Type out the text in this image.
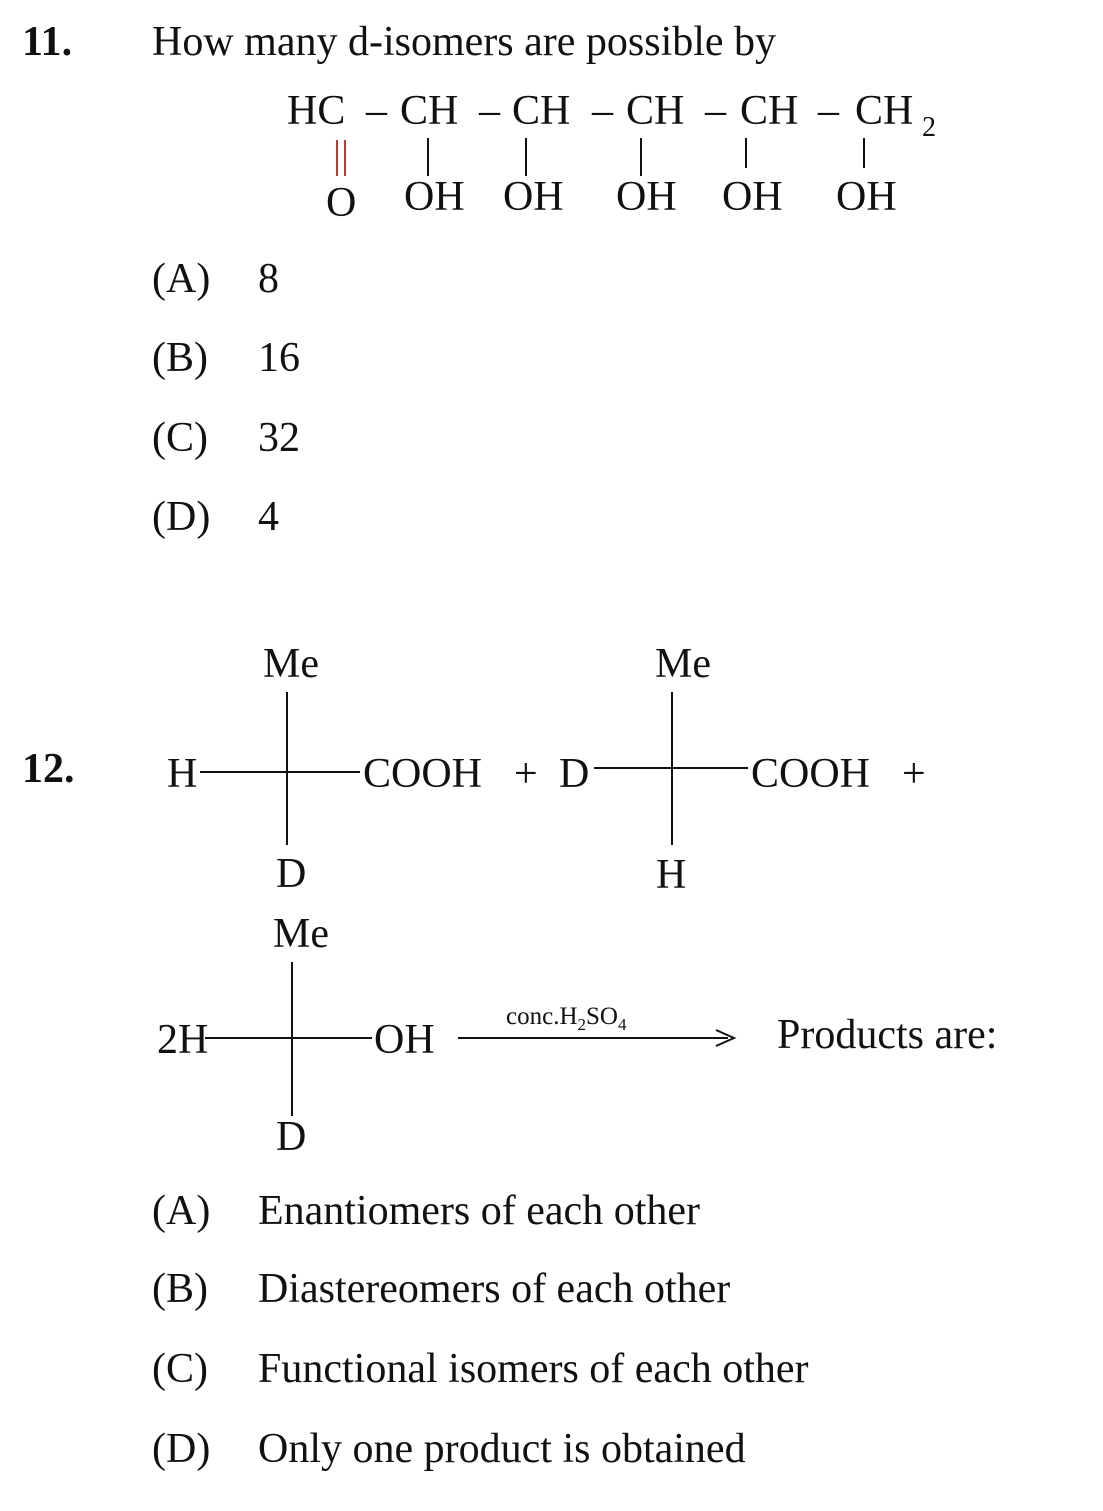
11. How many d-isomers are possible by
HC – CH – CH – CH – CH – CH 2
O OH OH OH OH OH
Me
H	COOH
D
+
Me
D	COOH
H
+
Me
2H	OH
D
$conc.H_2SO_4$
(A) 8
(B) 16
(C) 32
(D) 4
12.
Products are:
(A) Enantiomers of each other
(B) Diastereomers of each other
(C) Functional isomers of each other
(D) Only one product is obtained
